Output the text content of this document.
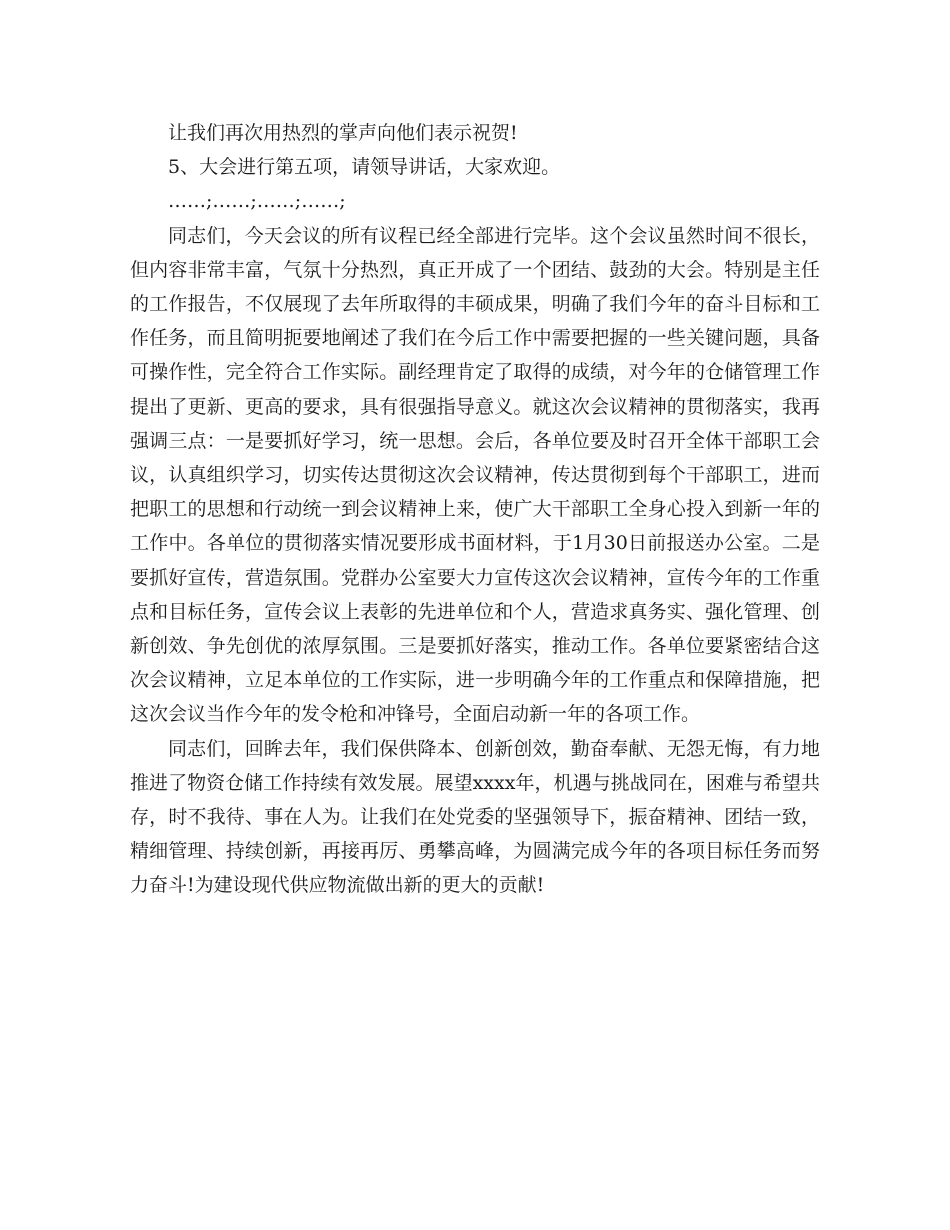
让我们再次用热烈的掌声向他们表示祝贺!

5、大会进行第五项，请领导讲话，大家欢迎。

……;……;……;……;

同志们，今天会议的所有议程已经全部进行完毕。这个会议虽然时间不很长，但内容非常丰富，气氛十分热烈，真正开成了一个团结、鼓劲的大会。特别是主任的工作报告，不仅展现了去年所取得的丰硕成果，明确了我们今年的奋斗目标和工作任务，而且简明扼要地阐述了我们在今后工作中需要把握的一些关键问题，具备可操作性，完全符合工作实际。副经理肯定了取得的成绩，对今年的仓储管理工作提出了更新、更高的要求，具有很强指导意义。就这次会议精神的贯彻落实，我再强调三点：一是要抓好学习，统一思想。会后，各单位要及时召开全体干部职工会议，认真组织学习，切实传达贯彻这次会议精神，传达贯彻到每个干部职工，进而把职工的思想和行动统一到会议精神上来，使广大干部职工全身心投入到新一年的工作中。各单位的贯彻落实情况要形成书面材料，于1月30日前报送办公室。二是要抓好宣传，营造氛围。党群办公室要大力宣传这次会议精神，宣传今年的工作重点和目标任务，宣传会议上表彰的先进单位和个人，营造求真务实、强化管理、创新创效、争先创优的浓厚氛围。三是要抓好落实，推动工作。各单位要紧密结合这次会议精神，立足本单位的工作实际，进一步明确今年的工作重点和保障措施，把这次会议当作今年的发令枪和冲锋号，全面启动新一年的各项工作。

同志们，回眸去年，我们保供降本、创新创效，勤奋奉献、无怨无悔，有力地推进了物资仓储工作持续有效发展。展望xxxx年，机遇与挑战同在，困难与希望共存，时不我待、事在人为。让我们在处党委的坚强领导下，振奋精神、团结一致，精细管理、持续创新，再接再厉、勇攀高峰，为圆满完成今年的各项目标任务而努力奋斗!为建设现代供应物流做出新的更大的贡献!
